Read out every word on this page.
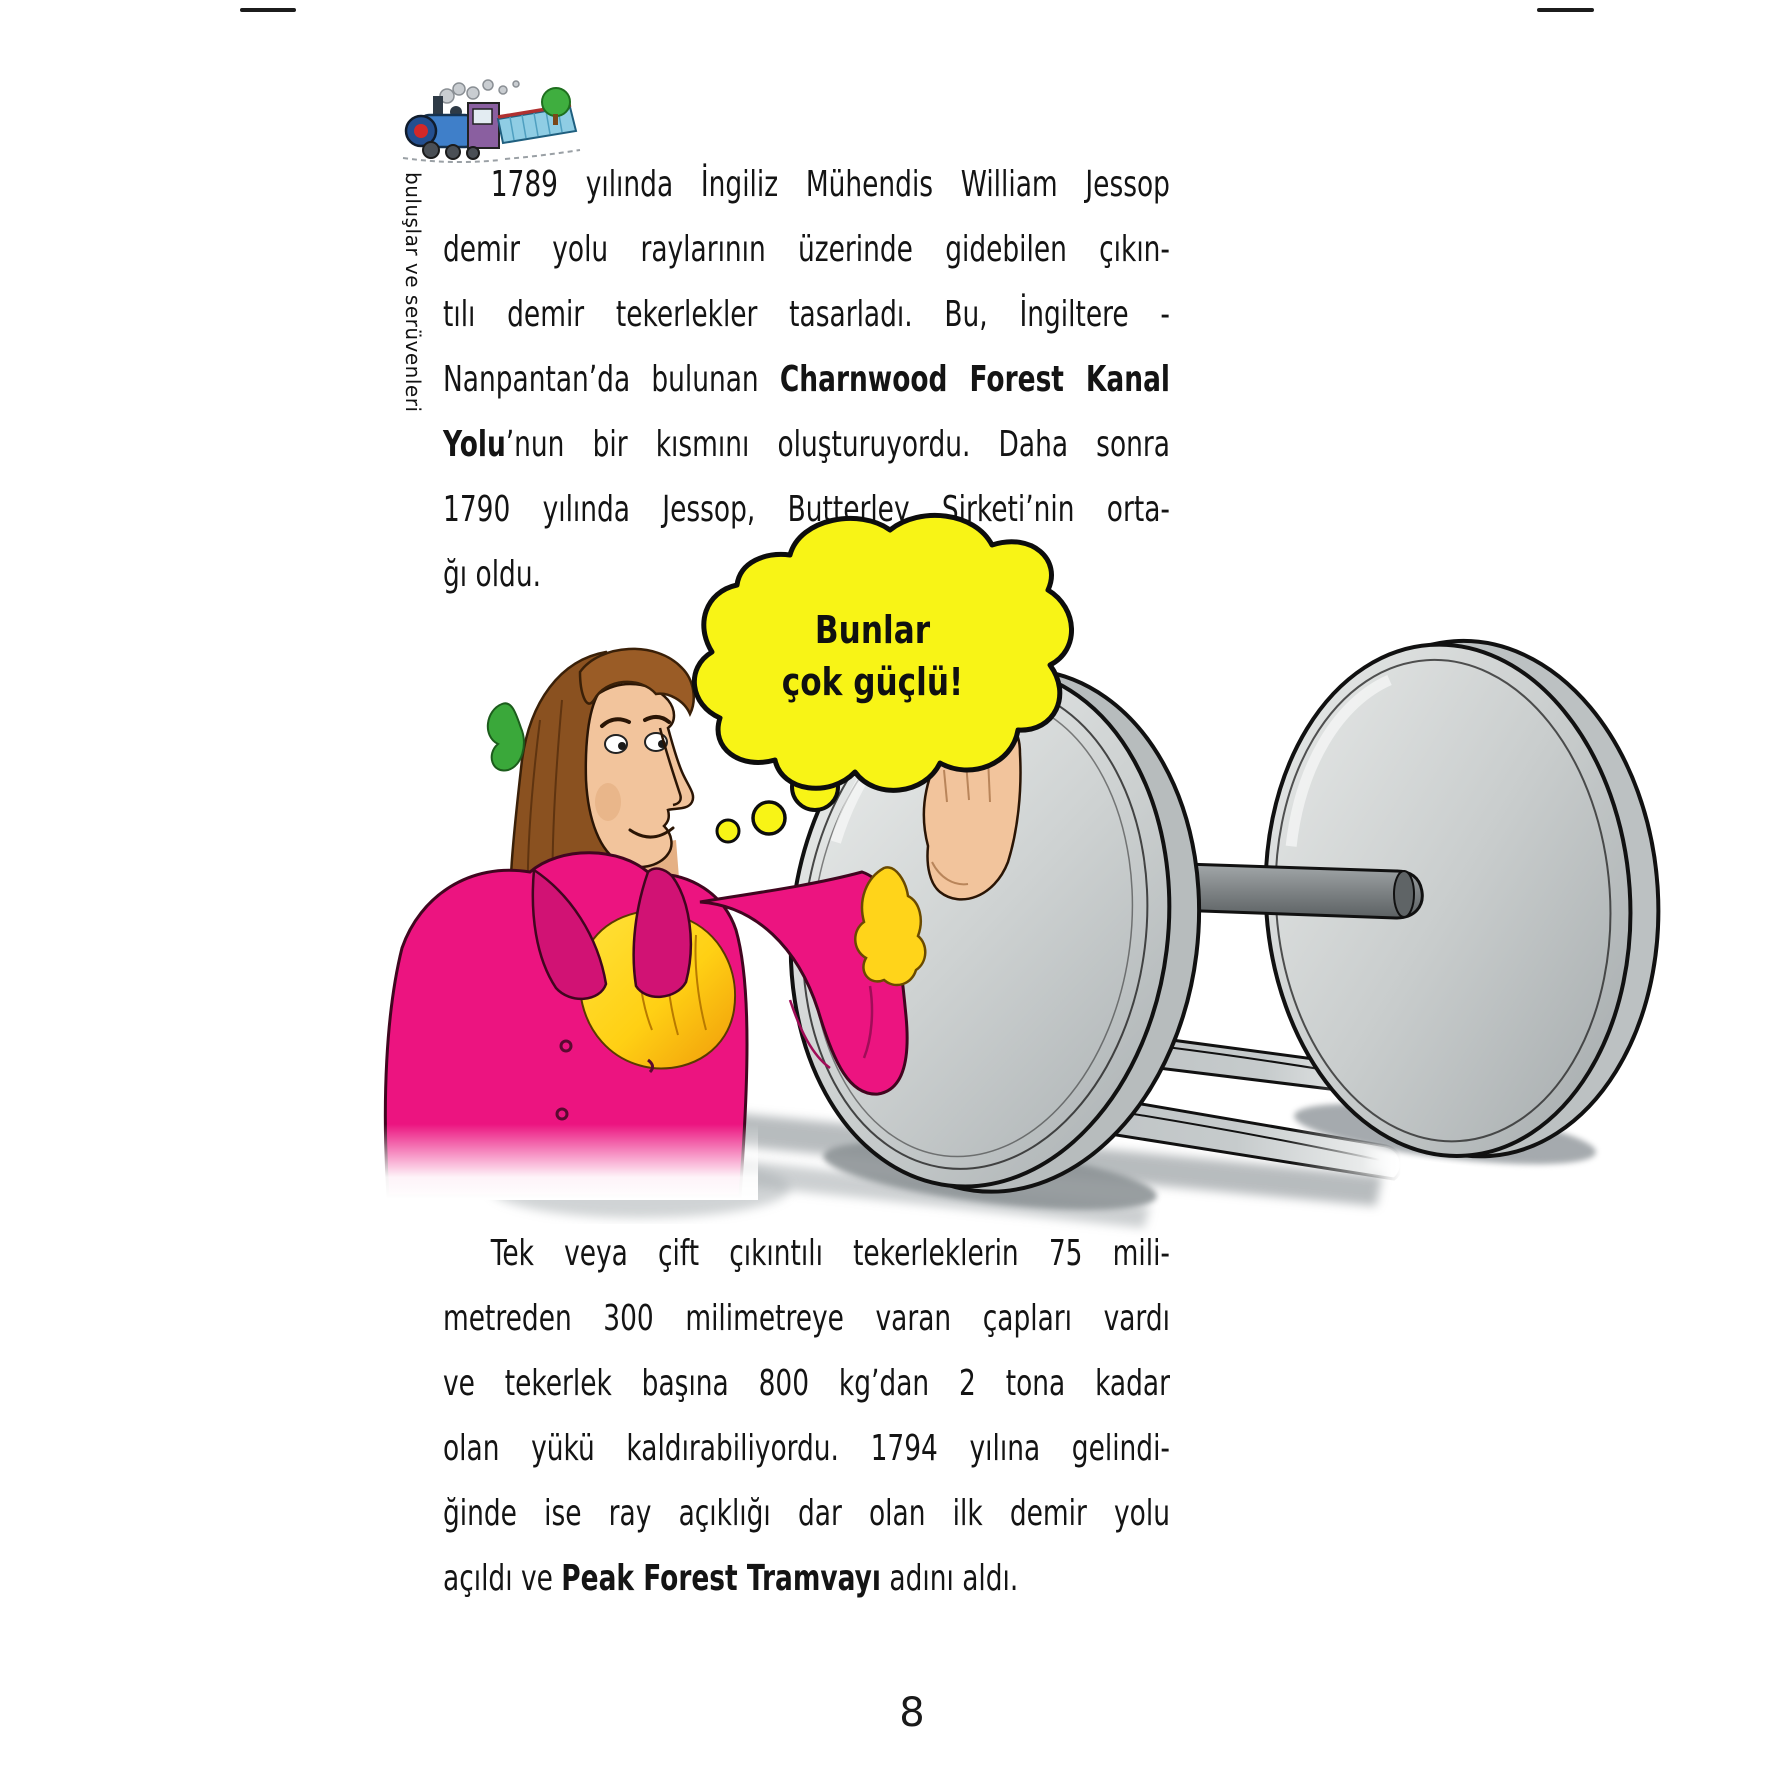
buluşlar ve serüvenleri	1789 yılında İngiliz Mühendis William Jessop
demir yolu raylarının üzerinde gidebilen çıkın-
tılı demir tekerlekler tasarladı. Bu, İngiltere -
Nanpantan’da bulunan Charnwood Forest Kanal
Yolu’nun bir kısmını oluşturuyordu. Daha sonra
1790 yılında Jessop, Butterley Şirketi’nin orta-
ğı oldu.
Tek veya çift çıkıntılı tekerleklerin 75 mili-
metreden 300 milimetreye varan çapları vardı
ve tekerlek başına 800 kg’dan 2 tona kadar
olan yükü kaldırabiliyordu. 1794 yılına gelindi-
ğinde ise ray açıklığı dar olan ilk demir yolu
açıldı ve Peak Forest Tramvayı adını aldı.
Bunlar
çok güçlü!
8
